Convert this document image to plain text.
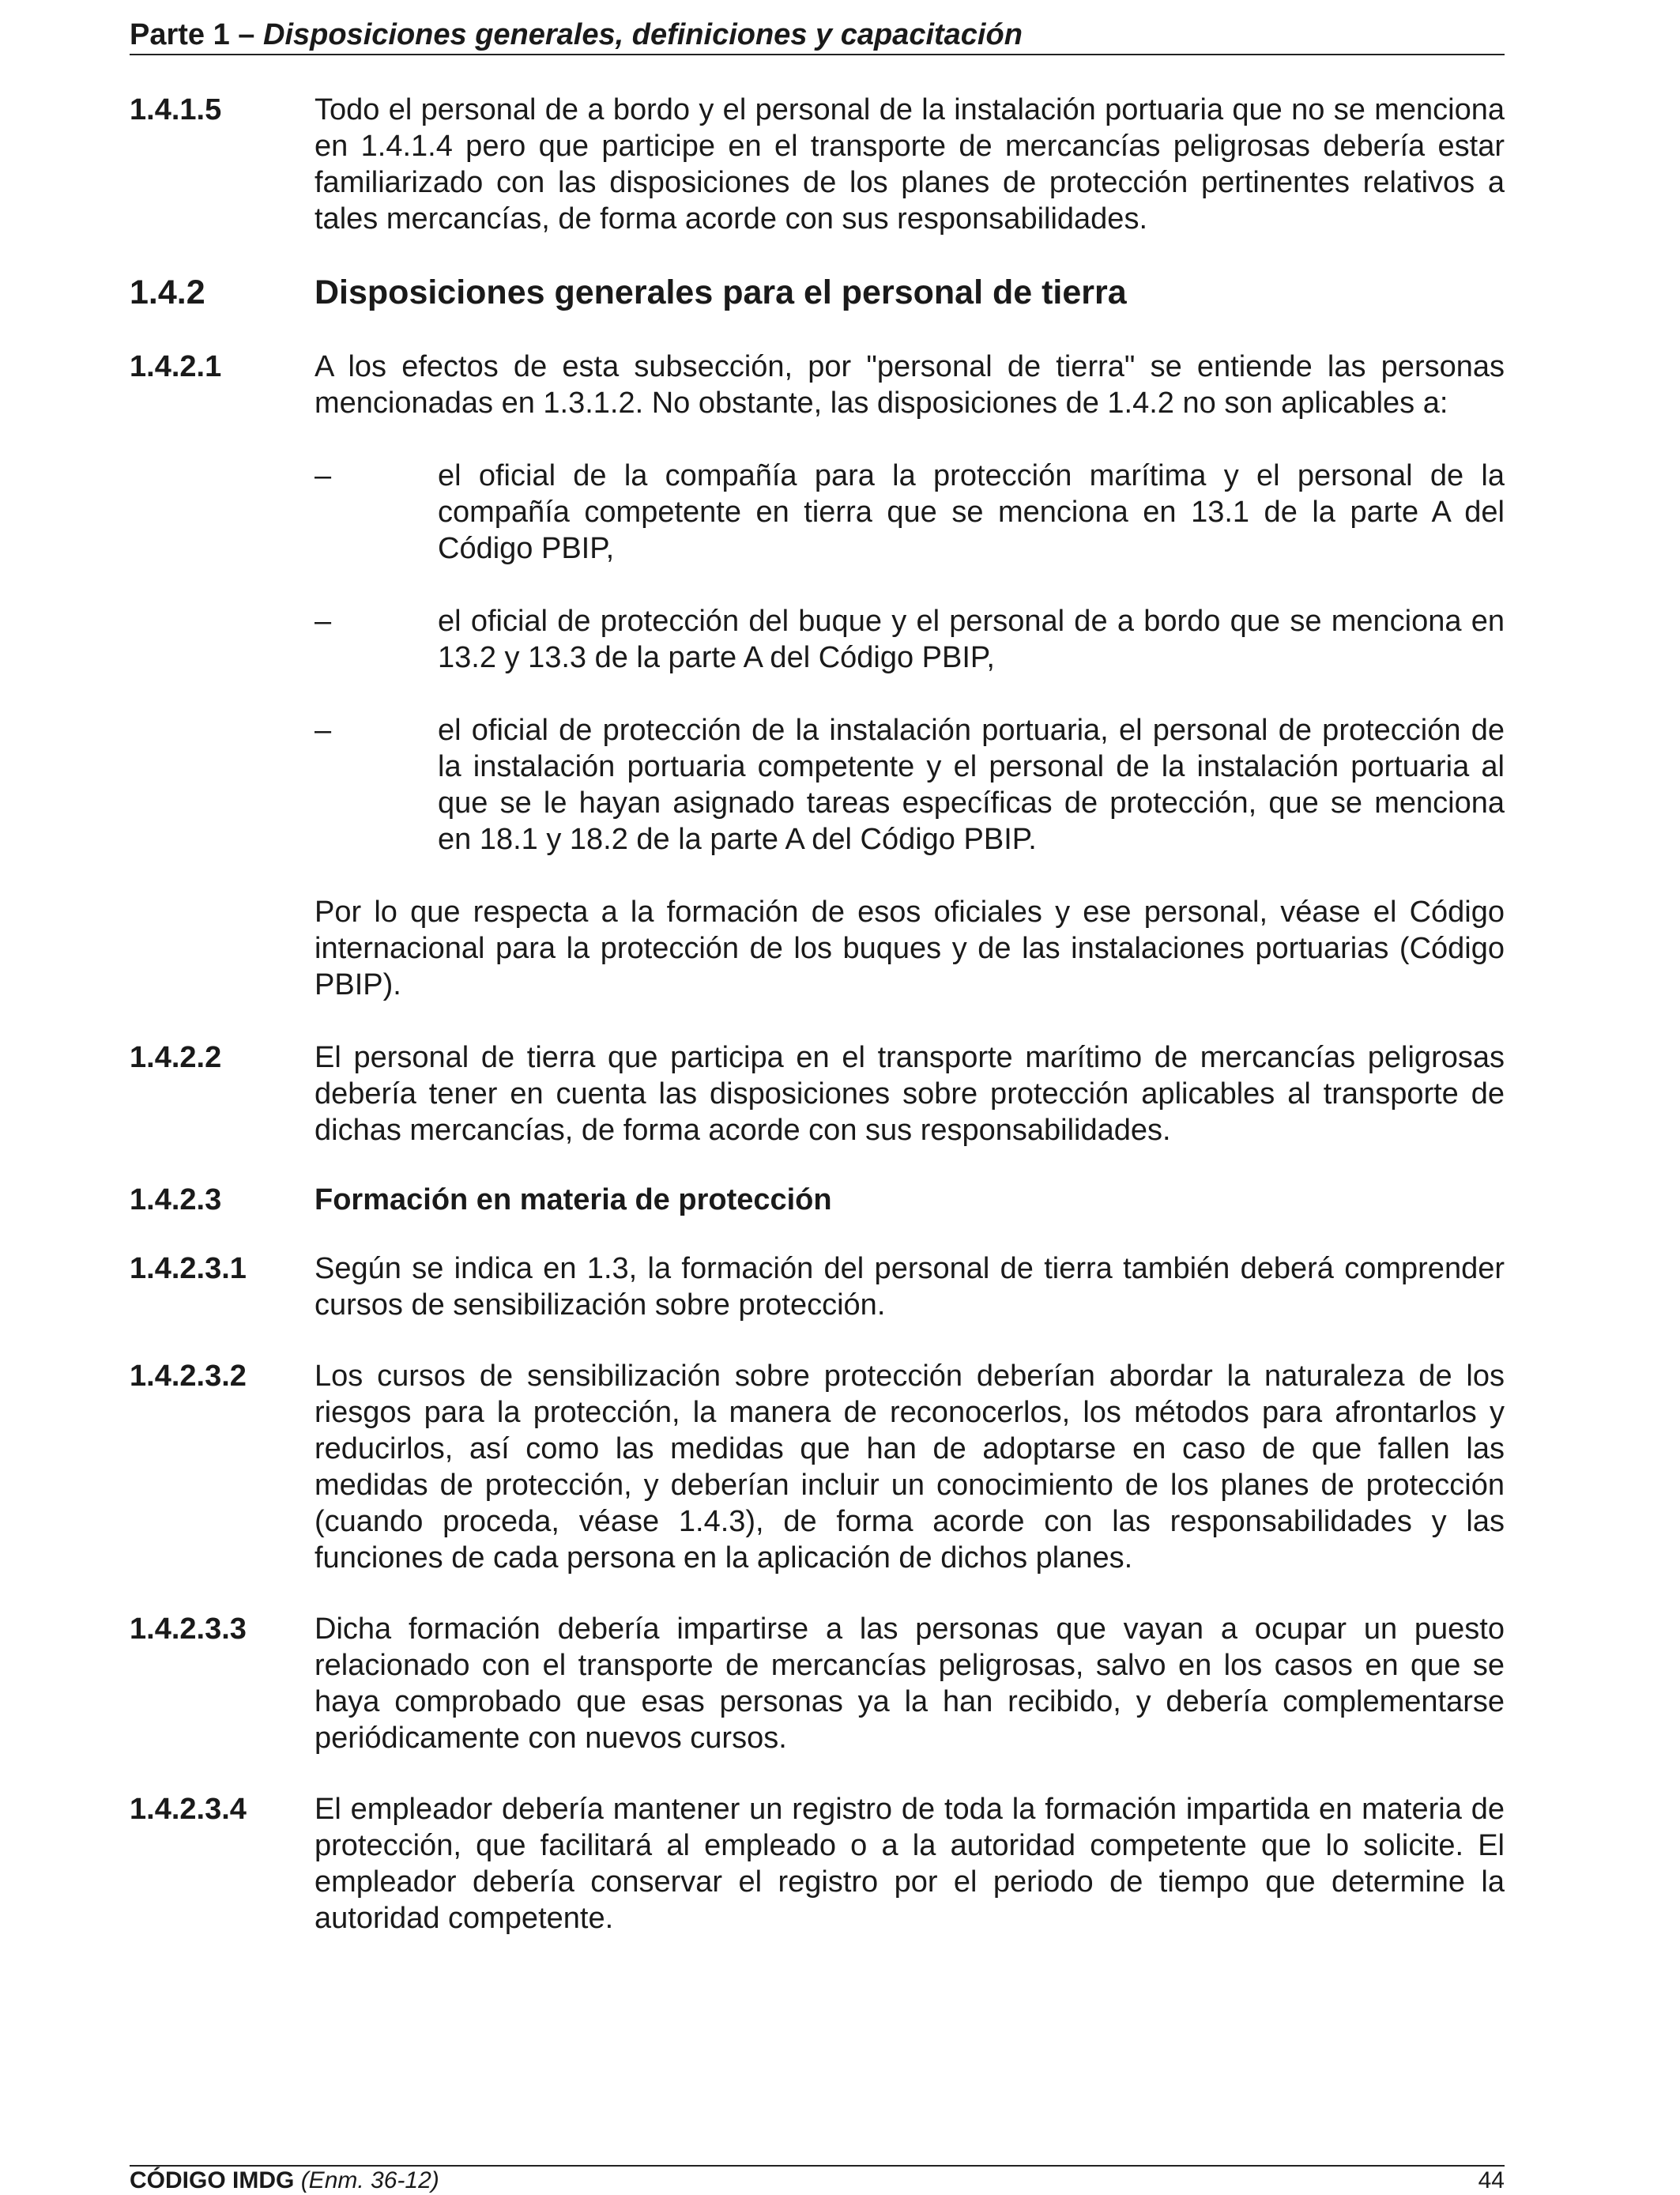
Parte 1 – Disposiciones generales, definiciones y capacitación
1.4.1.5	Todo el personal de a bordo y el personal de la instalación portuaria que no se menciona en 1.4.1.4 pero que participe en el transporte de mercancías peligrosas debería estar familiarizado con las disposiciones de los planes de protección pertinentes relativos a tales mercancías, de forma acorde con sus responsabilidades.

1.4.2	Disposiciones generales para el personal de tierra
1.4.2.1	A los efectos de esta subsección, por "personal de tierra" se entiende las personas mencionadas en 1.3.1.2. No obstante, las disposiciones de 1.4.2 no son aplicables a:

–	el oficial de la compañía para la protección marítima y el personal de la compañía competente en tierra que se menciona en 13.1 de la parte A del Código PBIP,

–	el oficial de protección del buque y el personal de a bordo que se menciona en 13.2 y 13.3 de la parte A del Código PBIP,

–	el oficial de protección de la instalación portuaria, el personal de protección de la instalación portuaria competente y el personal de la instalación portuaria al que se le hayan asignado tareas específicas de protección, que se menciona en 18.1 y 18.2 de la parte A del Código PBIP.

Por lo que respecta a la formación de esos oficiales y ese personal, véase el Código internacional para la protección de los buques y de las instalaciones portuarias (Código PBIP).

1.4.2.2	El personal de tierra que participa en el transporte marítimo de mercancías peligrosas debería tener en cuenta las disposiciones sobre protección aplicables al transporte de dichas mercancías, de forma acorde con sus responsabilidades.

1.4.2.3	Formación en materia de protección
1.4.2.3.1	Según se indica en 1.3, la formación del personal de tierra también deberá comprender cursos de sensibilización sobre protección.

1.4.2.3.2	Los cursos de sensibilización sobre protección deberían abordar la naturaleza de los riesgos para la protección, la manera de reconocerlos, los métodos para afrontarlos y reducirlos, así como las medidas que han de adoptarse en caso de que fallen las medidas de protección, y deberían incluir un conocimiento de los planes de protección (cuando proceda, véase 1.4.3), de forma acorde con las responsabilidades y las funciones de cada persona en la aplicación de dichos planes.

1.4.2.3.3	Dicha formación debería impartirse a las personas que vayan a ocupar un puesto relacionado con el transporte de mercancías peligrosas, salvo en los casos en que se haya comprobado que esas personas ya la han recibido, y debería complementarse periódicamente con nuevos cursos.

1.4.2.3.4	El empleador debería mantener un registro de toda la formación impartida en materia de protección, que facilitará al empleado o a la autoridad competente que lo solicite. El empleador debería conservar el registro por el periodo de tiempo que determine la autoridad competente.

CÓDIGO IMDG (Enm. 36-12)	44
